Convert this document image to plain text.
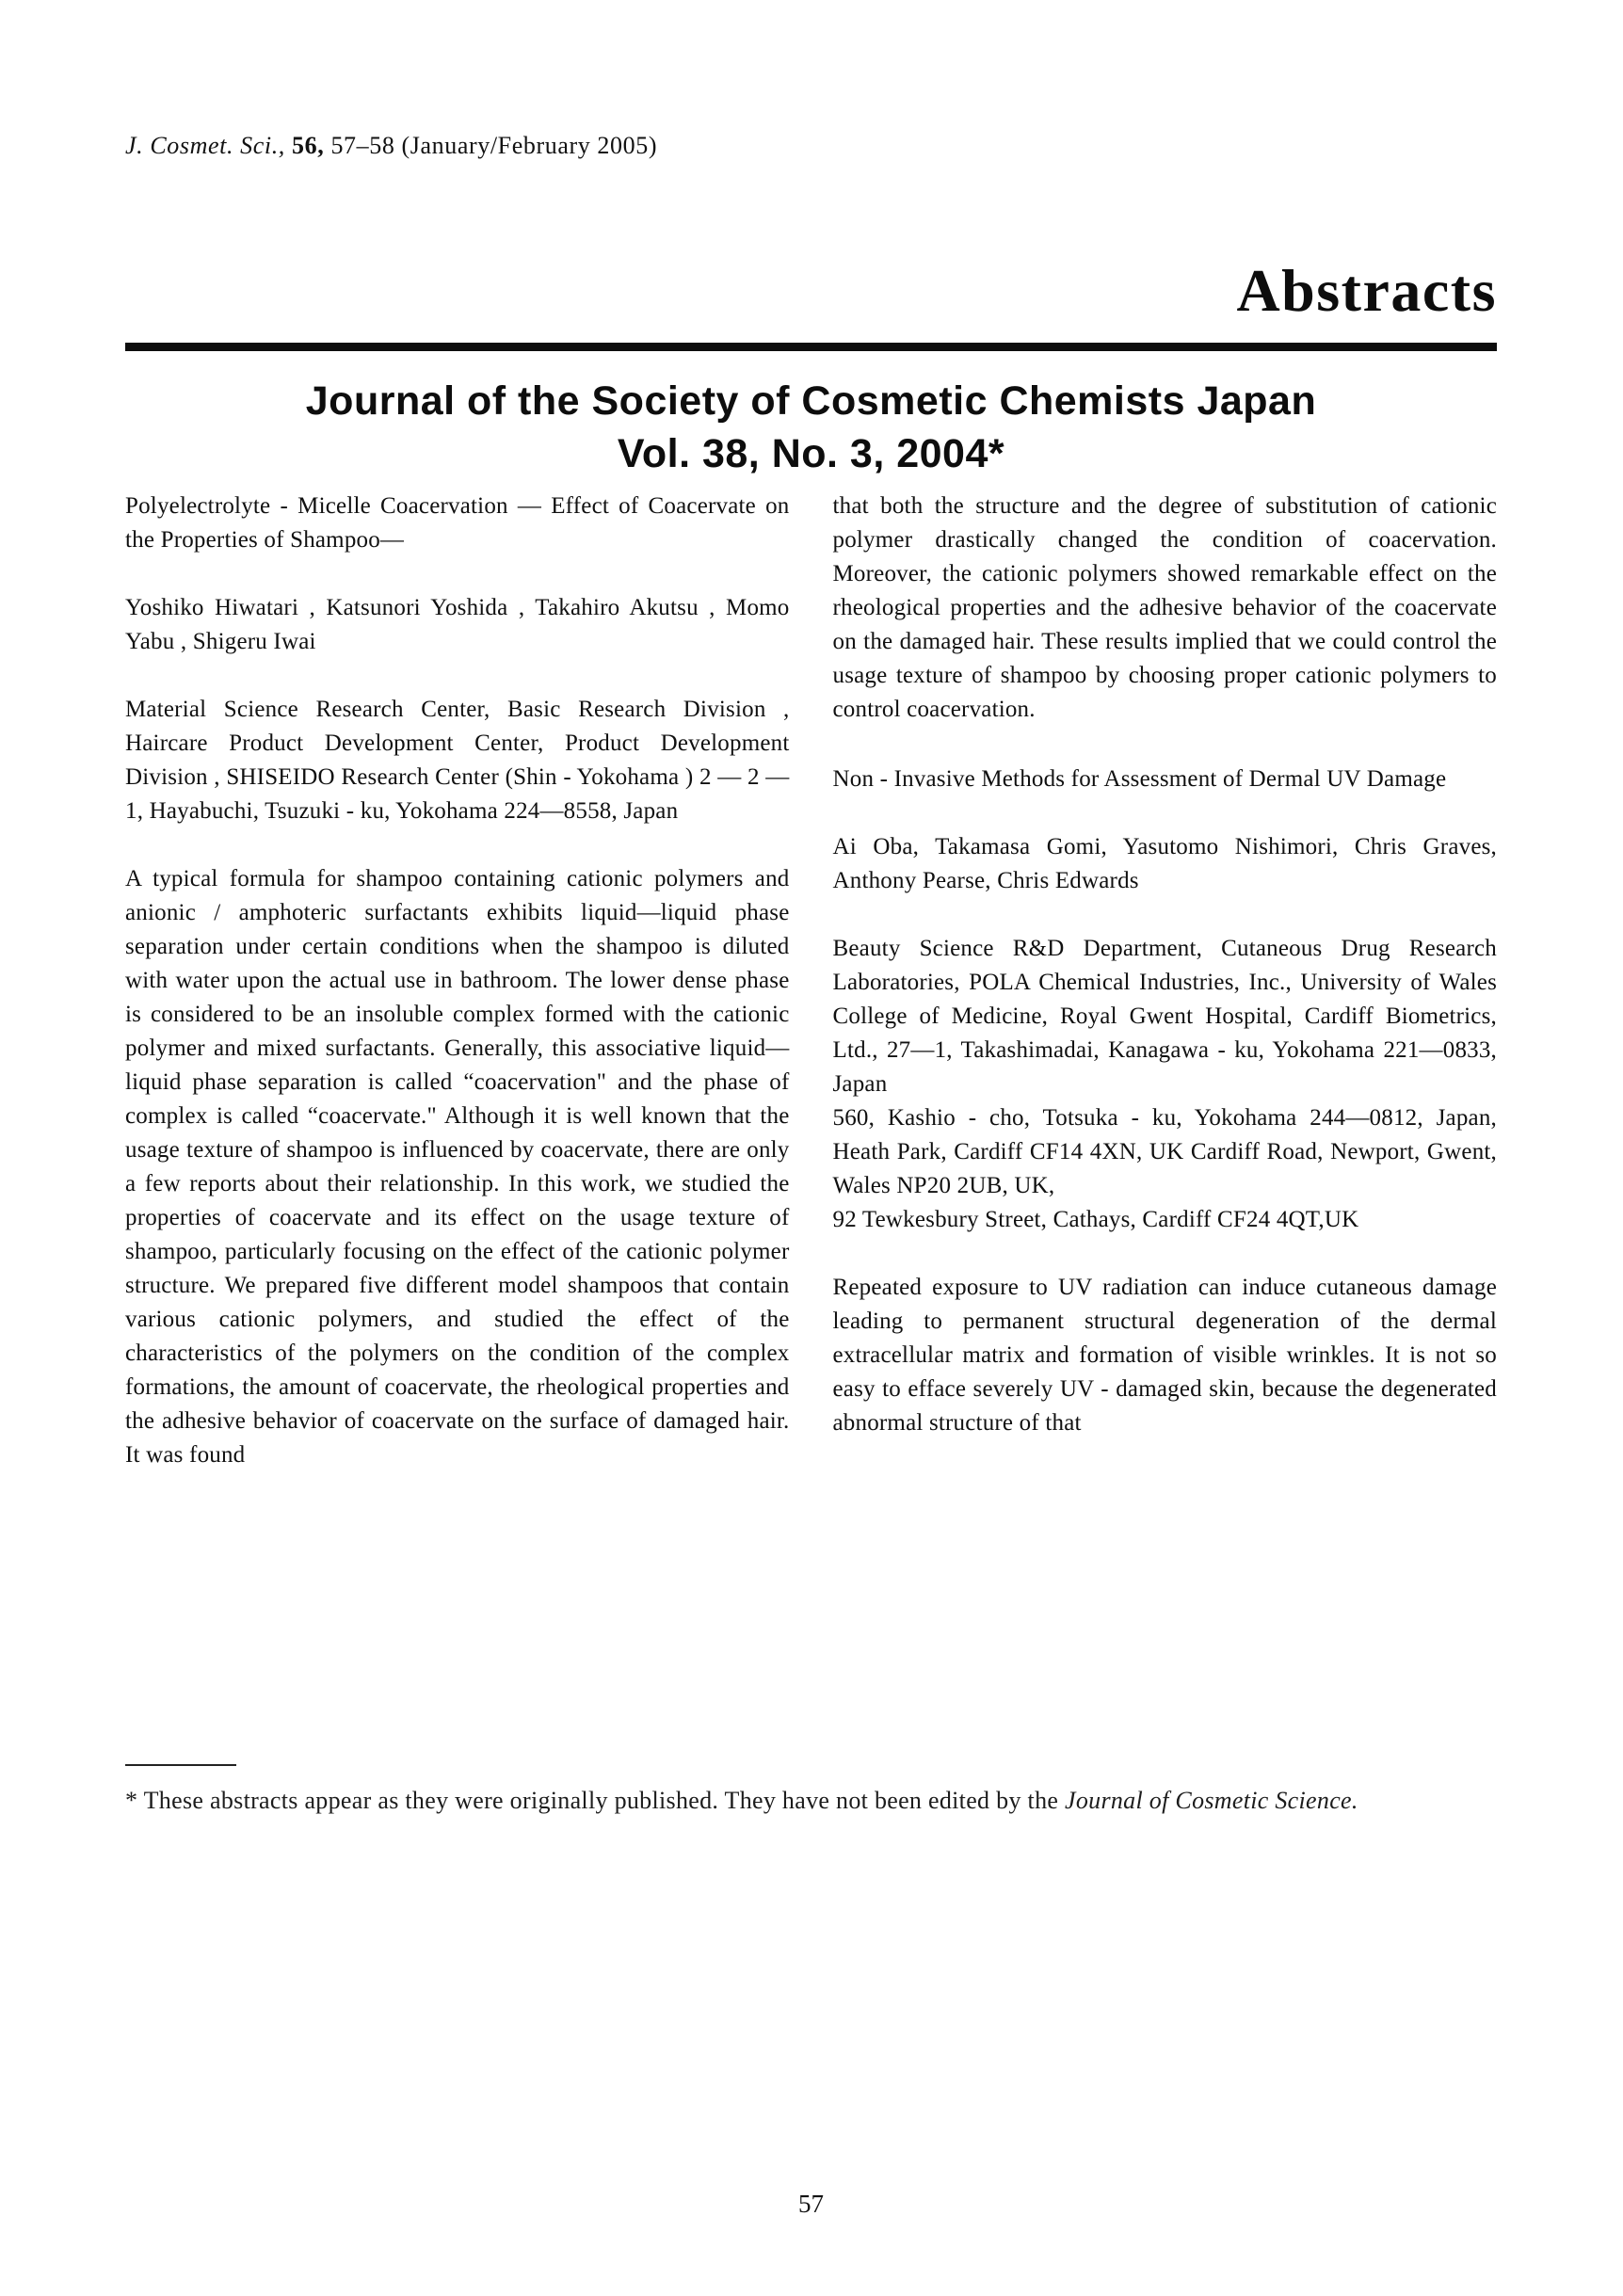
J. Cosmet. Sci., 56, 57–58 (January/February 2005)
Abstracts
Journal of the Society of Cosmetic Chemists Japan
Vol. 38, No. 3, 2004*

Polyelectrolyte - Micelle Coacervation — Effect of Coacervate on the Properties of Shampoo—

Yoshiko Hiwatari , Katsunori Yoshida , Takahiro Akutsu , Momo Yabu , Shigeru Iwai

Material Science Research Center, Basic Research Division , Haircare Product Development Center, Product Development Division , SHISEIDO Research Center (Shin - Yokohama ) 2 — 2 — 1, Hayabuchi, Tsuzuki - ku, Yokohama 224—8558, Japan

A typical formula for shampoo containing cationic polymers and anionic / amphoteric surfactants exhibits liquid—liquid phase separation under certain conditions when the shampoo is diluted with water upon the actual use in bathroom. The lower dense phase is considered to be an insoluble complex formed with the cationic polymer and mixed surfactants. Generally, this associative liquid—liquid phase separation is called “coacervation" and the phase of complex is called “coacervate." Although it is well known that the usage texture of shampoo is influenced by coacervate, there are only a few reports about their relationship. In this work, we studied the properties of coacervate and its effect on the usage texture of shampoo, particularly focusing on the effect of the cationic polymer structure. We prepared five different model shampoos that contain various cationic polymers, and studied the effect of the characteristics of the polymers on the condition of the complex formations, the amount of coacervate, the rheological properties and the adhesive behavior of coacervate on the surface of damaged hair. It was found

that both the structure and the degree of substitution of cationic polymer drastically changed the condition of coacervation. Moreover, the cationic polymers showed remarkable effect on the rheological properties and the adhesive behavior of the coacervate on the damaged hair. These results implied that we could control the usage texture of shampoo by choosing proper cationic polymers to control coacervation.

Non - Invasive Methods for Assessment of Dermal UV Damage

Ai Oba, Takamasa Gomi, Yasutomo Nishimori, Chris Graves, Anthony Pearse, Chris Edwards

Beauty Science R&D Department, Cutaneous Drug Research Laboratories, POLA Chemical Industries, Inc., University of Wales College of Medicine, Royal Gwent Hospital, Cardiff Biometrics, Ltd., 27—1, Takashimadai, Kanagawa - ku, Yokohama 221—0833, Japan
560, Kashio - cho, Totsuka - ku, Yokohama 244—0812, Japan, Heath Park, Cardiff CF14 4XN, UK Cardiff Road, Newport, Gwent, Wales NP20 2UB, UK,
92 Tewkesbury Street, Cathays, Cardiff CF24 4QT,UK

Repeated exposure to UV radiation can induce cutaneous damage leading to permanent structural degeneration of the dermal extracellular matrix and formation of visible wrinkles. It is not so easy to efface severely UV - damaged skin, because the degenerated abnormal structure of that

* These abstracts appear as they were originally published. They have not been edited by the Journal of Cosmetic Science.

57
